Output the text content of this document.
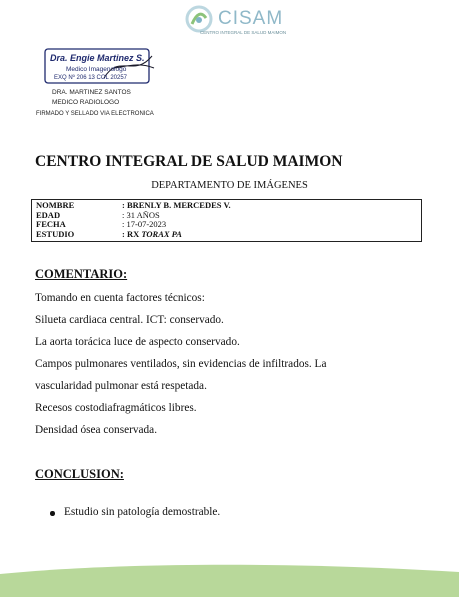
CISAM
CENTRO INTEGRAL DE SALUD MAIMON
Dra. Engie Martinez S.
Medico Imagenologo
EXQ Nº 206 13 COL 20257
DRA. MARTINEZ SANTOS
MEDICO RADIOLOGO
FIRMADO Y SELLADO VIA ELECTRONICA
CENTRO INTEGRAL DE SALUD MAIMON
DEPARTAMENTO DE IMÁGENES
NOMBRE	: BRENLY B. MERCEDES V.
EDAD	: 31 AÑOS
FECHA	: 17-07-2023
ESTUDIO	: RX TORAX PA
COMENTARIO:
Tomando en cuenta factores técnicos:
Silueta cardiaca central. ICT: conservado.
La aorta torácica luce de aspecto conservado.
Campos pulmonares ventilados, sin evidencias de infiltrados. La
vascularidad pulmonar está respetada.
Recesos costodiafragmáticos libres.
Densidad ósea conservada.
CONCLUSION:
Estudio sin patología demostrable.
